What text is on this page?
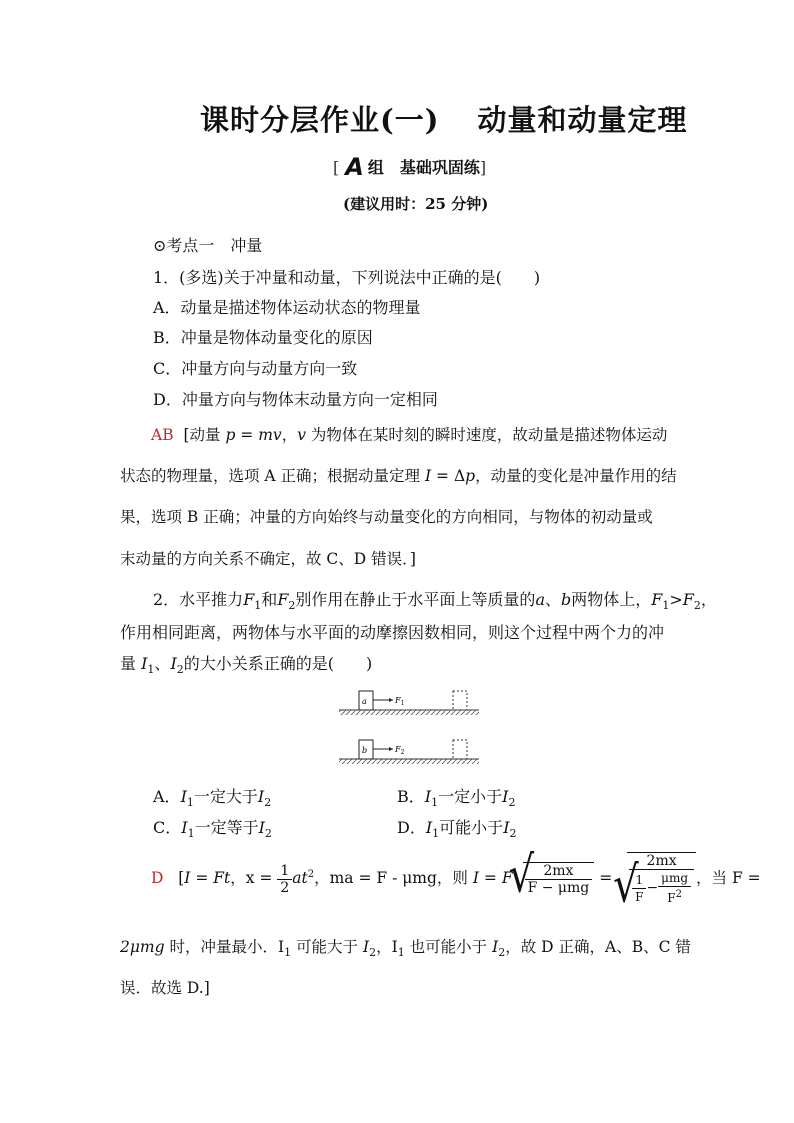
课时分层作业(一) 动量和动量定理
[ A 组　基础巩固练]
(建议用时：25 分钟)
⊙考点一　冲量
1．(多选)关于冲量和动量，下列说法中正确的是(　　)
A．动量是描述物体运动状态的物理量
B．冲量是物体动量变化的原因
C．冲量方向与动量方向一致
D．冲量方向与物体末动量方向一定相同
AB [动量 p = mv，v 为物体在某时刻的瞬时速度，故动量是描述物体运动
状态的物理量，选项 A 正确；根据动量定理 I = Δp，动量的变化是冲量作用的结
果，选项 B 正确；冲量的方向始终与动量变化的方向相同，与物体的初动量或
末动量的方向关系不确定，故 C、D 错误．]
2．水平推力$F_1$和$F_2$别作用在静止于水平面上等质量的a、b两物体上，$F_1>F_2$，
作用相同距离，两物体与水平面的动摩擦因数相同，则这个过程中两个力的冲
量 $I_1$、$I_2$的大小关系正确的是(　　)
a	$F_1$
b	$F_2$
A．$I_1$一定大于$I_2$	B．$I_1$一定小于$I_2$
C．$I_1$一定等于$I_2$	D．$I_1$可能小于$I_2$
D [I = Ft，$x = \frac{1}{2} at^2$，ma = F - μmg，则 I = F √ $\frac{2mx}{\text{F − μmg}}$ = √ $\frac{2mx}{\frac{1}{F} - \frac{\text{μmg}}{F^2}}$ ，当 F =
2μmg 时，冲量最小．$I_1$ 可能大于 $I_2$，$I_1$ 也可能小于 $I_2$，故 D 正确，A、B、C 错
误．故选 D.]
